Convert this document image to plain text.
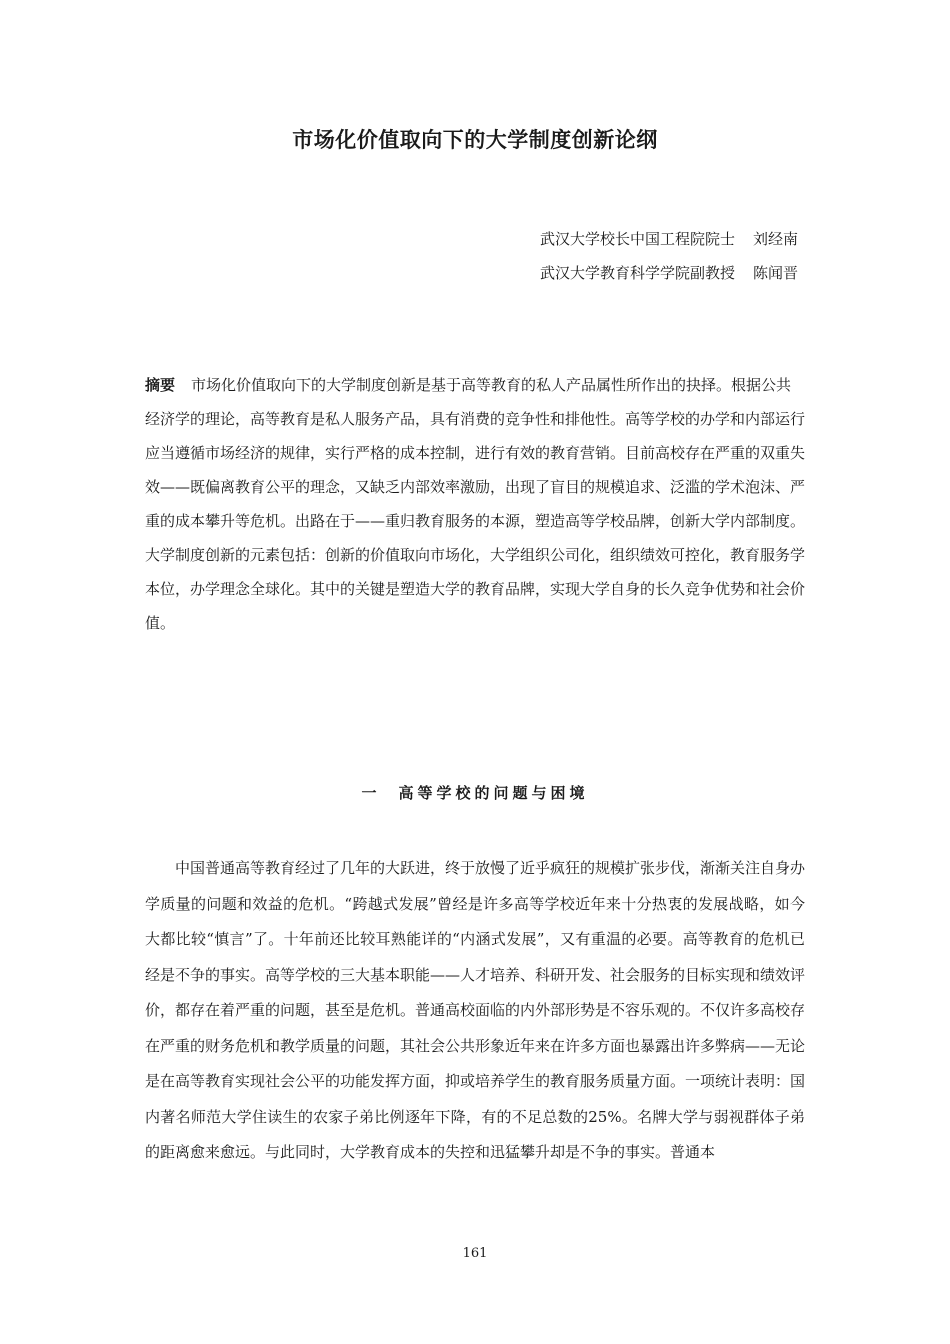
市场化价值取向下的大学制度创新论纲
武汉大学校长中国工程院院士 刘经南
武汉大学教育科学学院副教授 陈闻晋
摘要 市场化价值取向下的大学制度创新是基于高等教育的私人产品属性所作出的抉择。根据公共经济学的理论，高等教育是私人服务产品，具有消费的竞争性和排他性。高等学校的办学和内部运行应当遵循市场经济的规律，实行严格的成本控制，进行有效的教育营销。目前高校存在严重的双重失效——既偏离教育公平的理念，又缺乏内部效率激励，出现了盲目的规模追求、泛滥的学术泡沫、严重的成本攀升等危机。出路在于——重归教育服务的本源，塑造高等学校品牌，创新大学内部制度。大学制度创新的元素包括：创新的价值取向市场化，大学组织公司化，组织绩效可控化，教育服务学本位，办学理念全球化。其中的关键是塑造大学的教育品牌，实现大学自身的长久竞争优势和社会价值。
一 高等学校的问题与困境
中国普通高等教育经过了几年的大跃进，终于放慢了近乎疯狂的规模扩张步伐，渐渐关注自身办学质量的问题和效益的危机。“跨越式发展”曾经是许多高等学校近年来十分热衷的发展战略，如今大都比较“慎言”了。十年前还比较耳熟能详的“内涵式发展”，又有重温的必要。高等教育的危机已经是不争的事实。高等学校的三大基本职能——人才培养、科研开发、社会服务的目标实现和绩效评价，都存在着严重的问题，甚至是危机。普通高校面临的内外部形势是不容乐观的。不仅许多高校存在严重的财务危机和教学质量的问题，其社会公共形象近年来在许多方面也暴露出许多弊病——无论是在高等教育实现社会公平的功能发挥方面，抑或培养学生的教育服务质量方面。一项统计表明：国内著名师范大学住读生的农家子弟比例逐年下降，有的不足总数的25%。名牌大学与弱视群体子弟的距离愈来愈远。与此同时，大学教育成本的失控和迅猛攀升却是不争的事实。普通本
161
